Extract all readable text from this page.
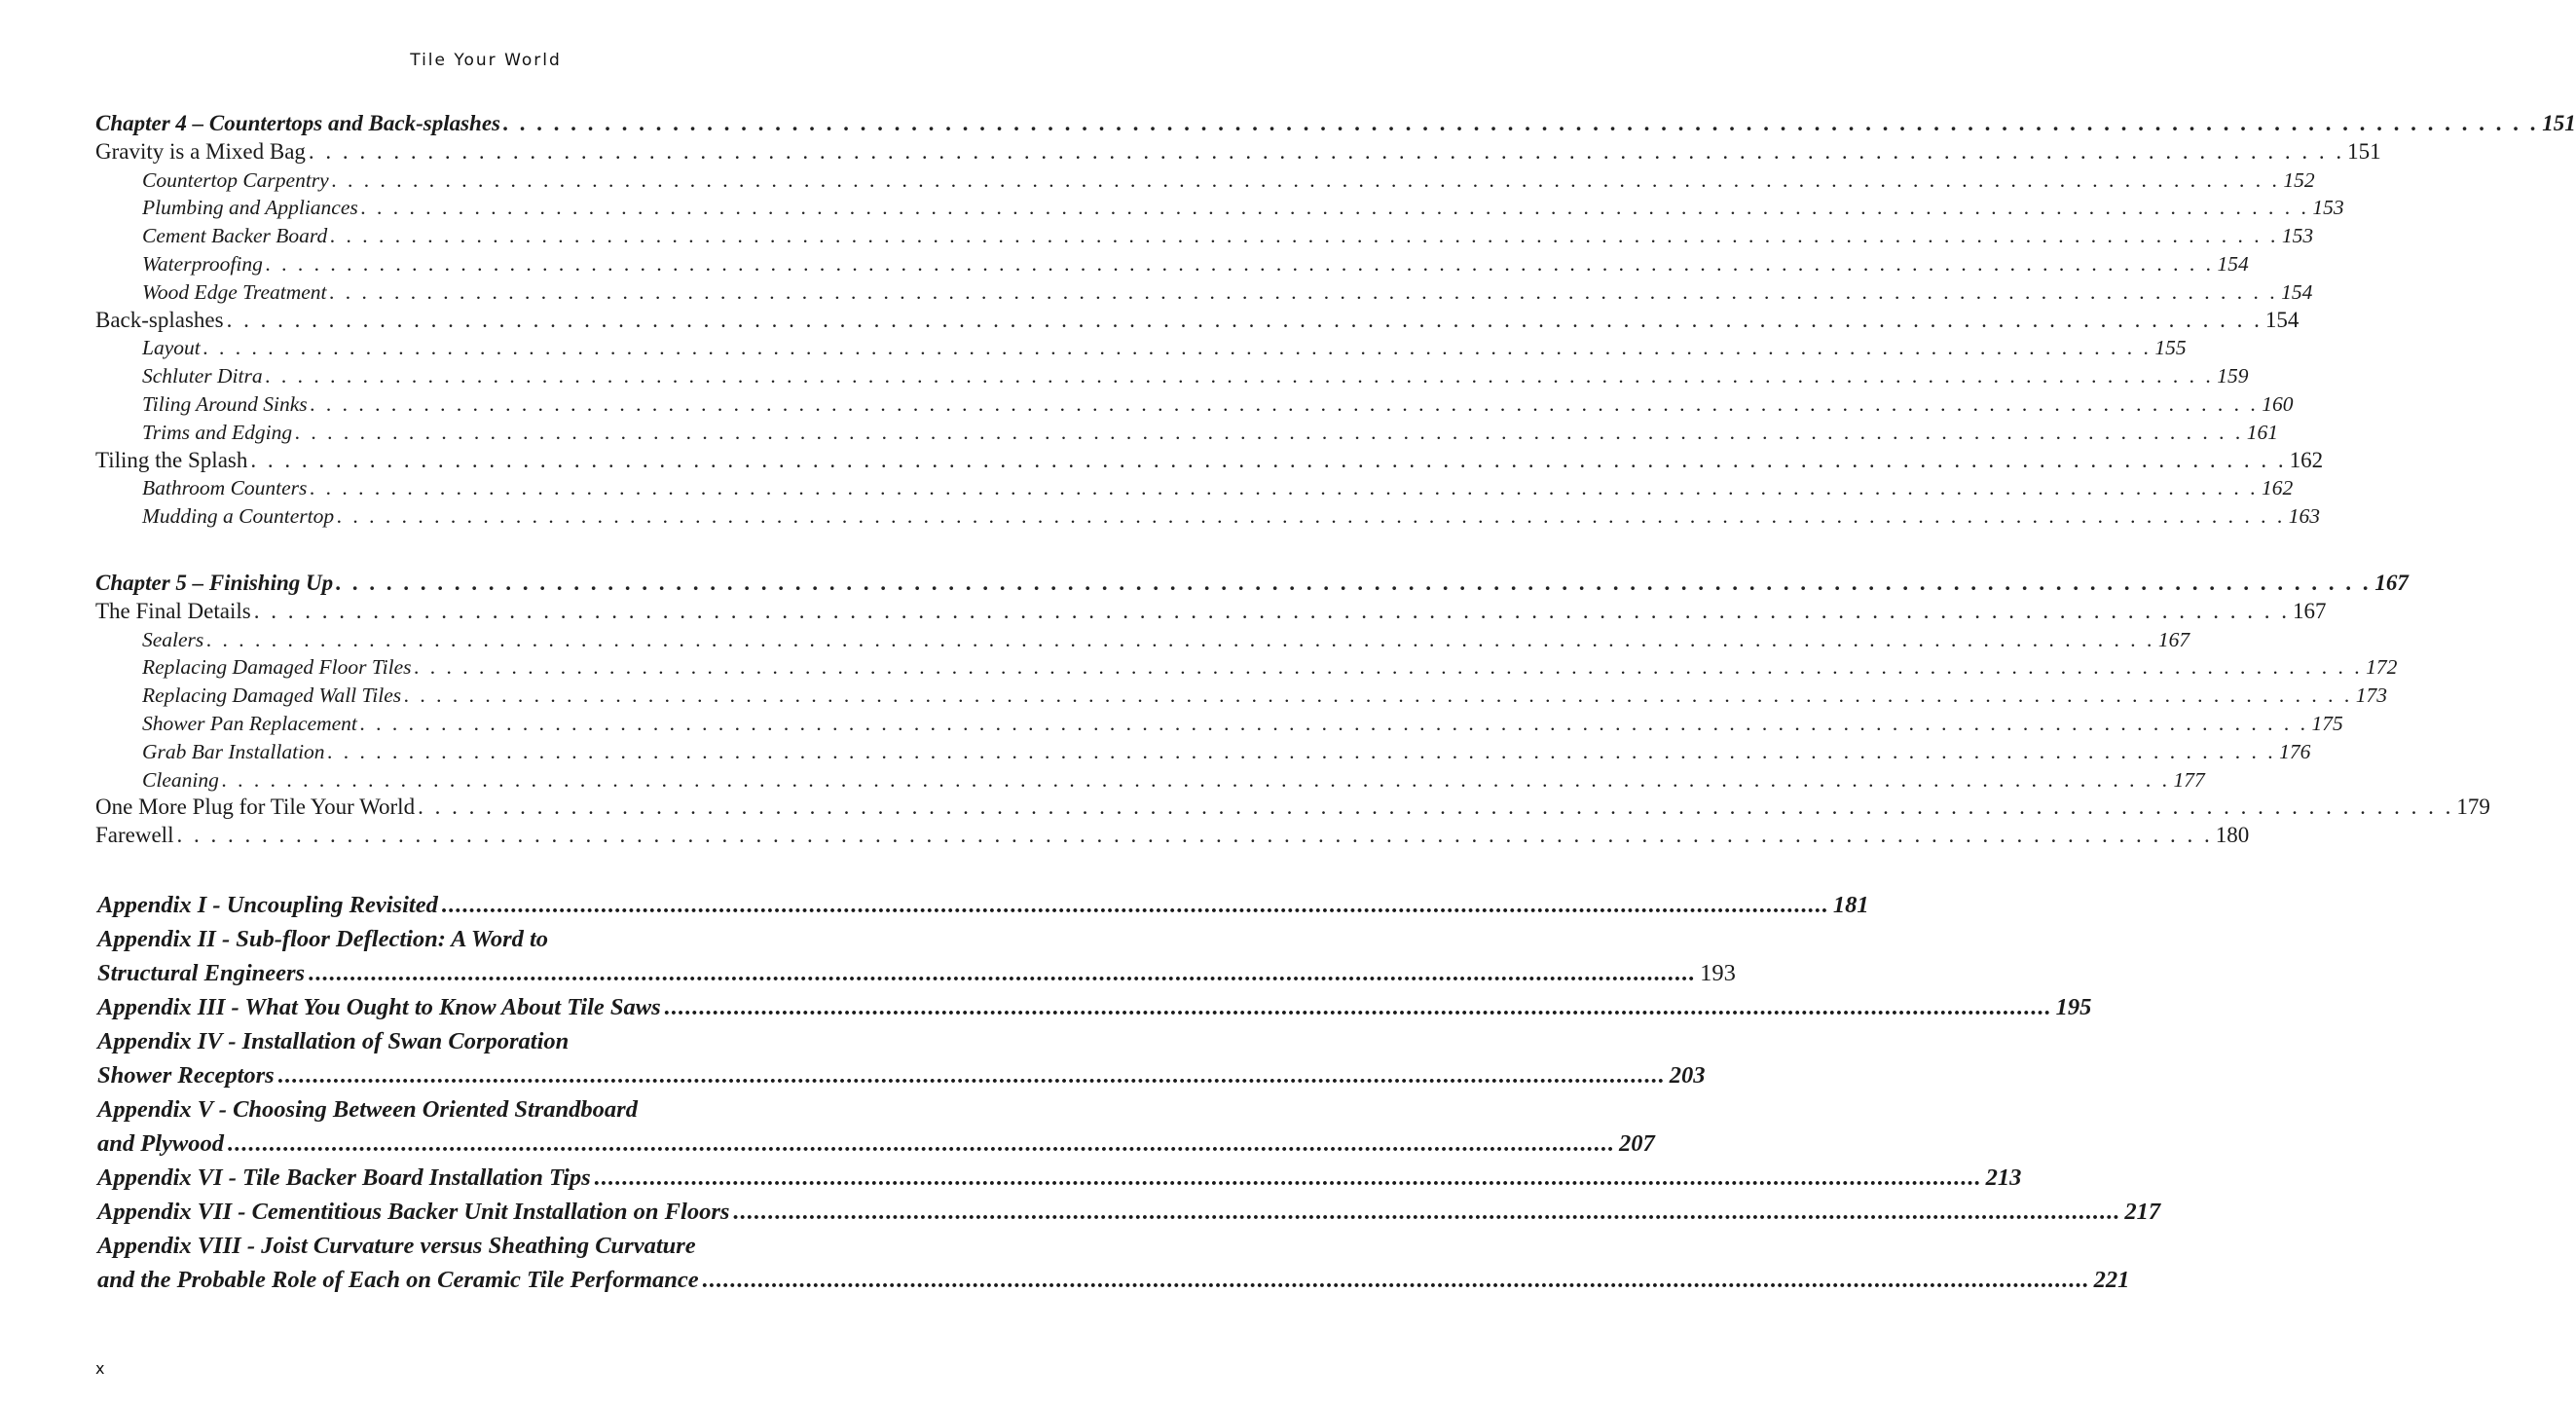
Tile Your World
Chapter 4 – Countertops and Back-splashes . . . . . . . . . . . . . . . . . . . . . . . . . . . . . . . . . . . . . . . . . . . . . . . . . . . . . . . . . . . . . . . . . . . . . . . . . . . . . . . . . . . . . . . . . . . . . . . . . . . . . . . . . . . . . . . . . . . . . . . . 151
Gravity is a Mixed Bag . . . . . . . . . . . . . . . . . . . . . . . . . . . . . . . . . . . . . . . . . . . . . . . . . . . . . . . . . . . . . . . . . . . . . . . . . . . . . . . . . . . . . . . . . . . . . . . . . . . . . . . . . . . . . . . . . . . . . . . . 151
Countertop Carpentry . . . . . . . . . . . . . . . . . . . . . . . . . . . . . . . . . . . . . . . . . . . . . . . . . . . . . . . . . . . . . . . . . . . . . . . . . . . . . . . . . . . . . . . . . . . . . . . . . . . . . . . . . . . . . . . . . . . . . . . . 152
Plumbing and Appliances . . . . . . . . . . . . . . . . . . . . . . . . . . . . . . . . . . . . . . . . . . . . . . . . . . . . . . . . . . . . . . . . . . . . . . . . . . . . . . . . . . . . . . . . . . . . . . . . . . . . . . . . . . . . . . . . . . . . . . . . 153
Cement Backer Board . . . . . . . . . . . . . . . . . . . . . . . . . . . . . . . . . . . . . . . . . . . . . . . . . . . . . . . . . . . . . . . . . . . . . . . . . . . . . . . . . . . . . . . . . . . . . . . . . . . . . . . . . . . . . . . . . . . . . . . . 153
Waterproofing . . . . . . . . . . . . . . . . . . . . . . . . . . . . . . . . . . . . . . . . . . . . . . . . . . . . . . . . . . . . . . . . . . . . . . . . . . . . . . . . . . . . . . . . . . . . . . . . . . . . . . . . . . . . . . . . . . . . . . . . 154
Wood Edge Treatment . . . . . . . . . . . . . . . . . . . . . . . . . . . . . . . . . . . . . . . . . . . . . . . . . . . . . . . . . . . . . . . . . . . . . . . . . . . . . . . . . . . . . . . . . . . . . . . . . . . . . . . . . . . . . . . . . . . . . . . . 154
Back-splashes . . . . . . . . . . . . . . . . . . . . . . . . . . . . . . . . . . . . . . . . . . . . . . . . . . . . . . . . . . . . . . . . . . . . . . . . . . . . . . . . . . . . . . . . . . . . . . . . . . . . . . . . . . . . . . . . . . . . . . . . 154
Layout . . . . . . . . . . . . . . . . . . . . . . . . . . . . . . . . . . . . . . . . . . . . . . . . . . . . . . . . . . . . . . . . . . . . . . . . . . . . . . . . . . . . . . . . . . . . . . . . . . . . . . . . . . . . . . . . . . . . . . . . 155
Schluter Ditra . . . . . . . . . . . . . . . . . . . . . . . . . . . . . . . . . . . . . . . . . . . . . . . . . . . . . . . . . . . . . . . . . . . . . . . . . . . . . . . . . . . . . . . . . . . . . . . . . . . . . . . . . . . . . . . . . . . . . . . . 159
Tiling Around Sinks . . . . . . . . . . . . . . . . . . . . . . . . . . . . . . . . . . . . . . . . . . . . . . . . . . . . . . . . . . . . . . . . . . . . . . . . . . . . . . . . . . . . . . . . . . . . . . . . . . . . . . . . . . . . . . . . . . . . . . . . 160
Trims and Edging . . . . . . . . . . . . . . . . . . . . . . . . . . . . . . . . . . . . . . . . . . . . . . . . . . . . . . . . . . . . . . . . . . . . . . . . . . . . . . . . . . . . . . . . . . . . . . . . . . . . . . . . . . . . . . . . . . . . . . . . 161
Tiling the Splash . . . . . . . . . . . . . . . . . . . . . . . . . . . . . . . . . . . . . . . . . . . . . . . . . . . . . . . . . . . . . . . . . . . . . . . . . . . . . . . . . . . . . . . . . . . . . . . . . . . . . . . . . . . . . . . . . . . . . . . . 162
Bathroom Counters . . . . . . . . . . . . . . . . . . . . . . . . . . . . . . . . . . . . . . . . . . . . . . . . . . . . . . . . . . . . . . . . . . . . . . . . . . . . . . . . . . . . . . . . . . . . . . . . . . . . . . . . . . . . . . . . . . . . . . . . 162
Mudding a Countertop . . . . . . . . . . . . . . . . . . . . . . . . . . . . . . . . . . . . . . . . . . . . . . . . . . . . . . . . . . . . . . . . . . . . . . . . . . . . . . . . . . . . . . . . . . . . . . . . . . . . . . . . . . . . . . . . . . . . . . . . 163
Chapter 5 – Finishing Up . . . . . . . . . . . . . . . . . . . . . . . . . . . . . . . . . . . . . . . . . . . . . . . . . . . . . . . . . . . . . . . . . . . . . . . . . . . . . . . . . . . . . . . . . . . . . . . . . . . . . . . . . . . . . . . . . . . . . . . . 167
The Final Details . . . . . . . . . . . . . . . . . . . . . . . . . . . . . . . . . . . . . . . . . . . . . . . . . . . . . . . . . . . . . . . . . . . . . . . . . . . . . . . . . . . . . . . . . . . . . . . . . . . . . . . . . . . . . . . . . . . . . . . . 167
Sealers . . . . . . . . . . . . . . . . . . . . . . . . . . . . . . . . . . . . . . . . . . . . . . . . . . . . . . . . . . . . . . . . . . . . . . . . . . . . . . . . . . . . . . . . . . . . . . . . . . . . . . . . . . . . . . . . . . . . . . . . 167
Replacing Damaged Floor Tiles . . . . . . . . . . . . . . . . . . . . . . . . . . . . . . . . . . . . . . . . . . . . . . . . . . . . . . . . . . . . . . . . . . . . . . . . . . . . . . . . . . . . . . . . . . . . . . . . . . . . . . . . . . . . . . . . . . . . . . . . 172
Replacing Damaged Wall Tiles . . . . . . . . . . . . . . . . . . . . . . . . . . . . . . . . . . . . . . . . . . . . . . . . . . . . . . . . . . . . . . . . . . . . . . . . . . . . . . . . . . . . . . . . . . . . . . . . . . . . . . . . . . . . . . . . . . . . . . . . 173
Shower Pan Replacement . . . . . . . . . . . . . . . . . . . . . . . . . . . . . . . . . . . . . . . . . . . . . . . . . . . . . . . . . . . . . . . . . . . . . . . . . . . . . . . . . . . . . . . . . . . . . . . . . . . . . . . . . . . . . . . . . . . . . . . . 175
Grab Bar Installation . . . . . . . . . . . . . . . . . . . . . . . . . . . . . . . . . . . . . . . . . . . . . . . . . . . . . . . . . . . . . . . . . . . . . . . . . . . . . . . . . . . . . . . . . . . . . . . . . . . . . . . . . . . . . . . . . . . . . . . . 176
Cleaning . . . . . . . . . . . . . . . . . . . . . . . . . . . . . . . . . . . . . . . . . . . . . . . . . . . . . . . . . . . . . . . . . . . . . . . . . . . . . . . . . . . . . . . . . . . . . . . . . . . . . . . . . . . . . . . . . . . . . . . . 177
One More Plug for Tile Your World . . . . . . . . . . . . . . . . . . . . . . . . . . . . . . . . . . . . . . . . . . . . . . . . . . . . . . . . . . . . . . . . . . . . . . . . . . . . . . . . . . . . . . . . . . . . . . . . . . . . . . . . . . . . . . . . . . . . . . . . 179
Farewell . . . . . . . . . . . . . . . . . . . . . . . . . . . . . . . . . . . . . . . . . . . . . . . . . . . . . . . . . . . . . . . . . . . . . . . . . . . . . . . . . . . . . . . . . . . . . . . . . . . . . . . . . . . . . . . . . . . . . . . . 180
Appendix I - Uncoupling Revisited ........................................................................................................................................................................................................ 181
Appendix II - Sub-floor Deflection: A Word to
Structural Engineers ........................................................................................................................................................................................................ 193
Appendix III - What You Ought to Know About Tile Saws ........................................................................................................................................................................................................ 195
Appendix IV - Installation of Swan Corporation
Shower Receptors ........................................................................................................................................................................................................ 203
Appendix V - Choosing Between Oriented Strandboard
and Plywood ........................................................................................................................................................................................................ 207
Appendix VI - Tile Backer Board Installation Tips ........................................................................................................................................................................................................ 213
Appendix VII - Cementitious Backer Unit Installation on Floors ........................................................................................................................................................................................................ 217
Appendix VIII - Joist Curvature versus Sheathing Curvature
and the Probable Role of Each on Ceramic Tile Performance ........................................................................................................................................................................................................ 221
x
